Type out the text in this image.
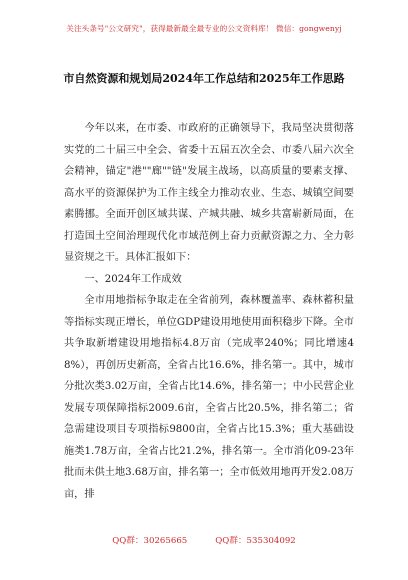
关注头条号"公文研究"，获得最新最全最专业的公文资料库！ 微信：gongwenyj
市自然资源和规划局2024年工作总结和2025年工作思路

今年以来，在市委、市政府的正确领导下，我局坚决贯彻落实党的二十届三中全会、省委十五届五次全会、市委八届六次全会精神，锚定"港""廊""链"发展主战场，以高质量的要素支撑、高水平的资源保护为工作主线全力推动农业、生态、城镇空间要素腾挪。全面开创区域共谋、产城共融、城乡共富崭新局面，在打造国土空间治理现代化市域范例上奋力贡献资源之力、全力彰显资规之干。具体汇报如下：

一、2024年工作成效

全市用地指标争取走在全省前列，森林覆盖率、森林蓄积量等指标实现正增长，单位GDP建设用地使用面积稳步下降。全市共争取新增建设用地指标4.8万亩（完成率240%；同比增速48%），再创历史新高，全省占比16.6%，排名第一。其中，城市分批次类3.02万亩，全省占比14.6%，排名第一；中小民营企业发展专项保障指标2009.6亩，全省占比20.5%，排名第二；省急需建设项目专项指标9800亩，全省占比15.3%；重大基础设施类1.78万亩，全省占比21.2%，排名第一。全市消化09-23年批而未供土地3.68万亩，排名第一；全市低效用地再开发2.08万亩，排

QQ群：30265665	QQ群：535304092
